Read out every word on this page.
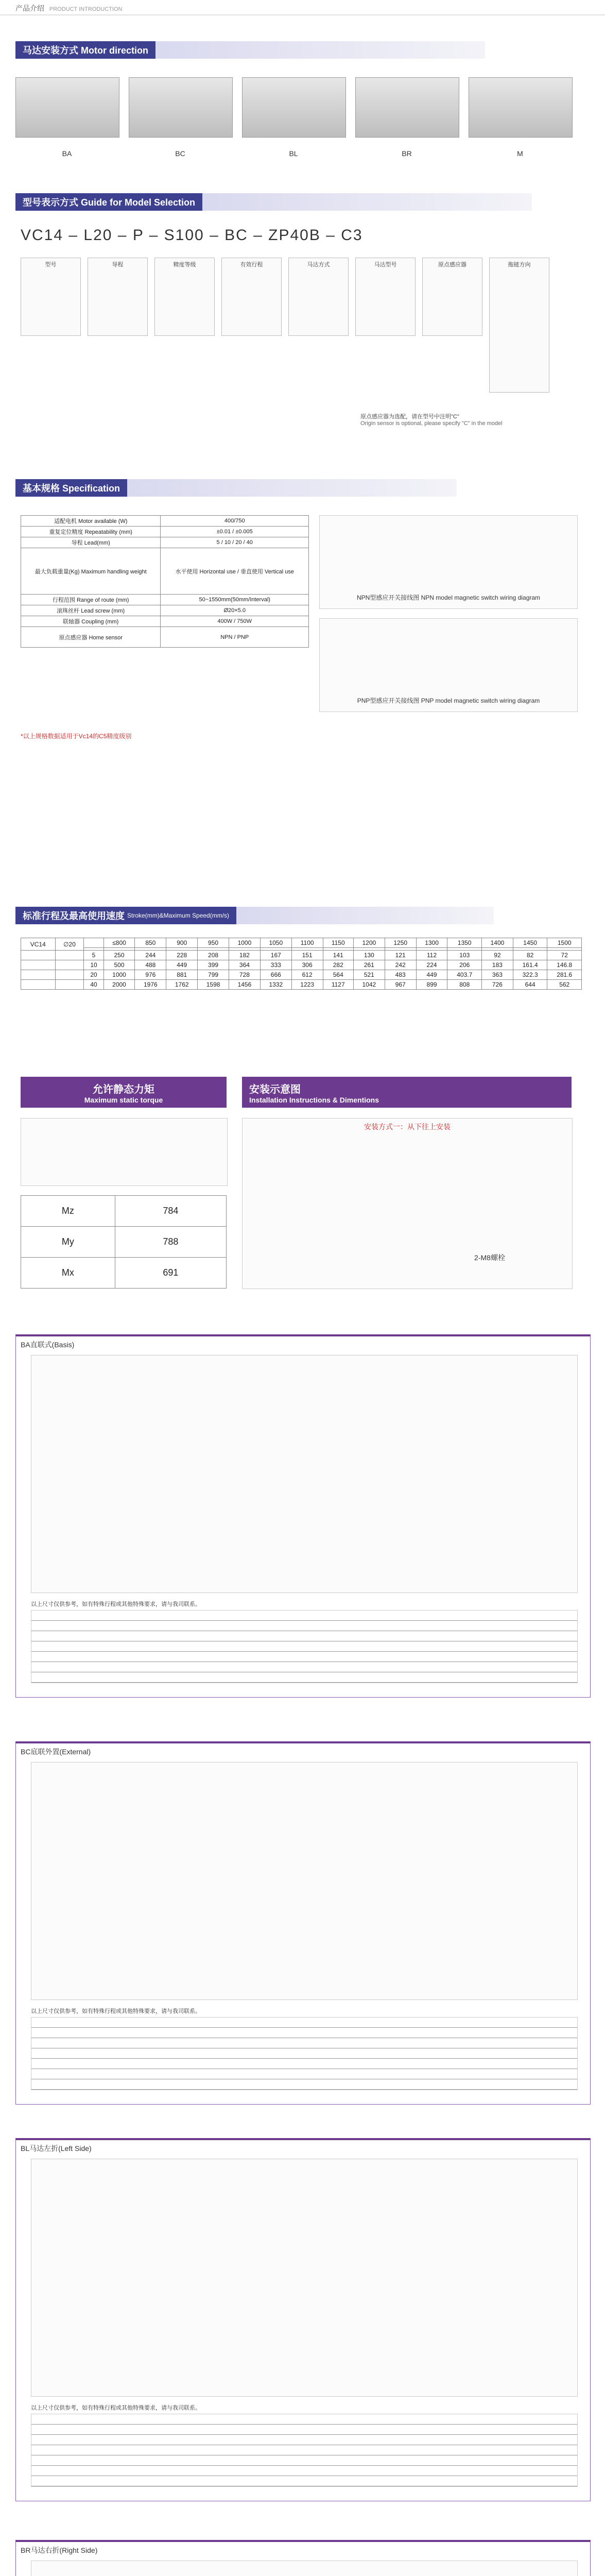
产品介绍 PRODUCT INTRODUCTION
马达安装方式 Motor direction
BA	BC	BL	BR	M
型号表示方式 Guide for Model Selection
VC14 – L20 – P – S100 – BC – ZP40B – C3
型号	导程	精度等级	有效行程	马达方式	马达型号	原点感应器	拖链方向
原点感应器为选配，请在型号中注明"C"
Origin sensor is optional, please specify "C" in the model
基本规格 Specification
适配电机 Motor available (W)	400/750
重复定位精度 Repeatability (mm)	±0.01 / ±0.005
导程 Lead(mm)	5 / 10 / 20 / 40
最大负载重量(Kg) Maximum handling weight	水平使用 Horizontal use / 垂直使用 Vertical use
行程范围 Range of route (mm)	50~1550mm(50mm/Interval)
滚珠丝杆 Lead screw (mm)	Ø20×5.0
联轴器 Coupling (mm)	400W / 750W
原点感应器 Home sensor	NPN / PNP
*以上规格数据适用于Vc14的C5精度级别
NPN型感应开关接线图 NPN model magnetic switch wiring diagram
PNP型感应开关接线图 PNP model magnetic switch wiring diagram
标准行程及最高使用速度
Stroke(mm)&Maximum Speed(mm/s)
VC14	∅20		≤800	850	900	950	1000	1050	1100	1150	1200	1250	1300	1350	1400	1450	1500

		5	250	244	228	208	182	167	151	141	130	121	112	103	92	82	72
		10	500	488	449	399	364	333	306	282	261	242	224	206	183	161.4	146.8
		20	1000	976	881	799	728	666	612	564	521	483	449	403.7	363	322.3	281.6
		40	2000	1976	1762	1598	1456	1332	1223	1127	1042	967	899	808	726	644	562
允许静态力矩
Maximum static torque
Mz	784
My	788
Mx	691
安装示意图
Installation Instructions & Dimentions
安装方式一：从下往上安装
2-M8螺栓
BA直联式(Basis)
以上尺寸仅供参考，如有特殊行程或其他特殊要求，请与我司联系。
BC底联外置(External)
以上尺寸仅供参考，如有特殊行程或其他特殊要求，请与我司联系。
BL马达左折(Left Side)
以上尺寸仅供参考，如有特殊行程或其他特殊要求，请与我司联系。
BR马达右折(Right Side)
